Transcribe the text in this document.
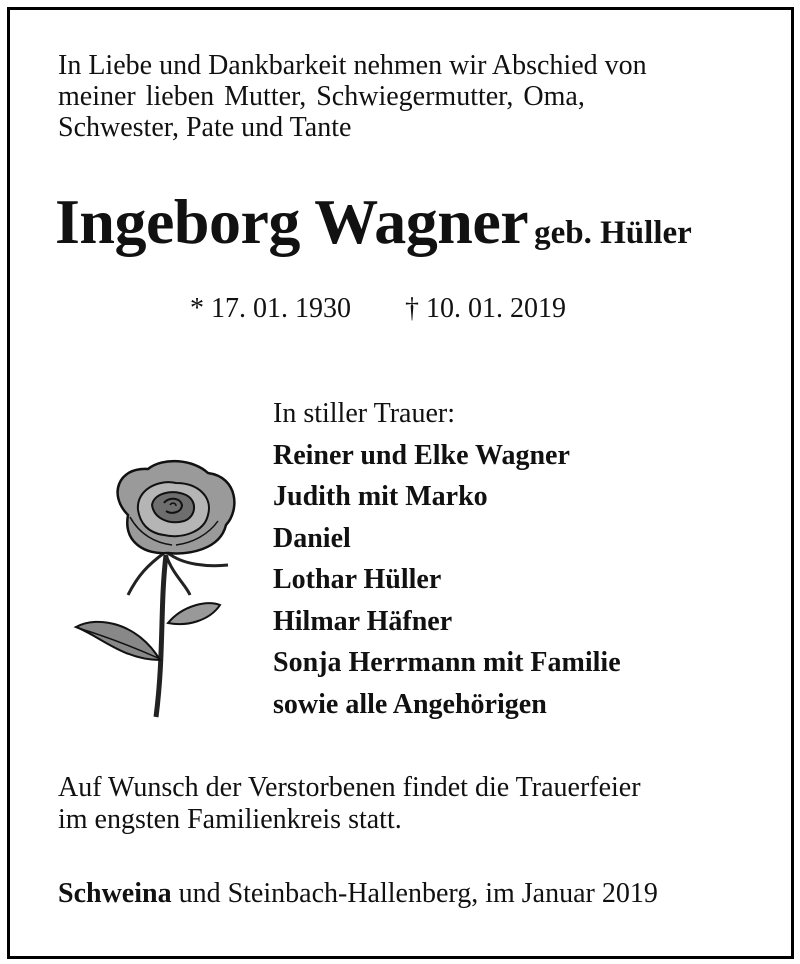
In Liebe und Dankbarkeit nehmen wir Abschied von
meiner lieben Mutter, Schwiegermutter, Oma,
Schwester, Pate und Tante
Ingeborg Wagner geb. Hüller
* 17. 01. 1930 † 10. 01. 2019
In stiller Trauer:
Reiner und Elke Wagner
Judith mit Marko
Daniel
Lothar Hüller
Hilmar Häfner
Sonja Herrmann mit Familie
sowie alle Angehörigen
Auf Wunsch der Verstorbenen findet die Trauerfeier
im engsten Familienkreis statt.
Schweina und Steinbach-Hallenberg, im Januar 2019
